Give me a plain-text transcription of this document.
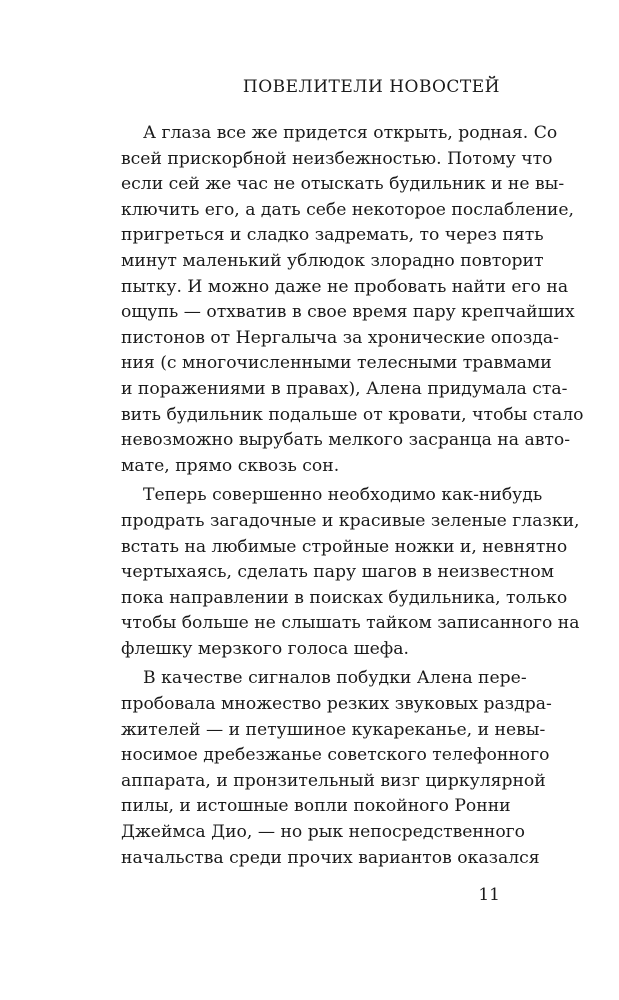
ПОВЕЛИТЕЛИ НОВОСТЕЙ
А глаза все же придется открыть, родная. Со
всей прискорбной неизбежностью. Потому что
если сей же час не отыскать будильник и не вы-
ключить его, а дать себе некоторое послабление,
пригреться и сладко задремать, то через пять
минут маленький ублюдок злорадно повторит
пытку. И можно даже не пробовать найти его на
ощупь — отхватив в свое время пару крепчайших
пистонов от Нергалыча за хронические опозда-
ния (с многочисленными телесными травмами
и поражениями в правах), Алена придумала ста-
вить будильник подальше от кровати, чтобы стало
невозможно вырубать мелкого засранца на авто-
мате, прямо сквозь сон.
Теперь совершенно необходимо как-нибудь
продрать загадочные и красивые зеленые глазки,
встать на любимые стройные ножки и, невнятно
чертыхаясь, сделать пару шагов в неизвестном
пока направлении в поисках будильника, только
чтобы больше не слышать тайком записанного на
флешку мерзкого голоса шефа.
В качестве сигналов побудки Алена пере-
пробовала множество резких звуковых раздра-
жителей — и петушиное кукареканье, и невы-
носимое дребезжанье советского телефонного
аппарата, и пронзительный визг циркулярной
пилы, и истошные вопли покойного Ронни
Джеймса Дио, — но рык непосредственного
начальства среди прочих вариантов оказался
11
